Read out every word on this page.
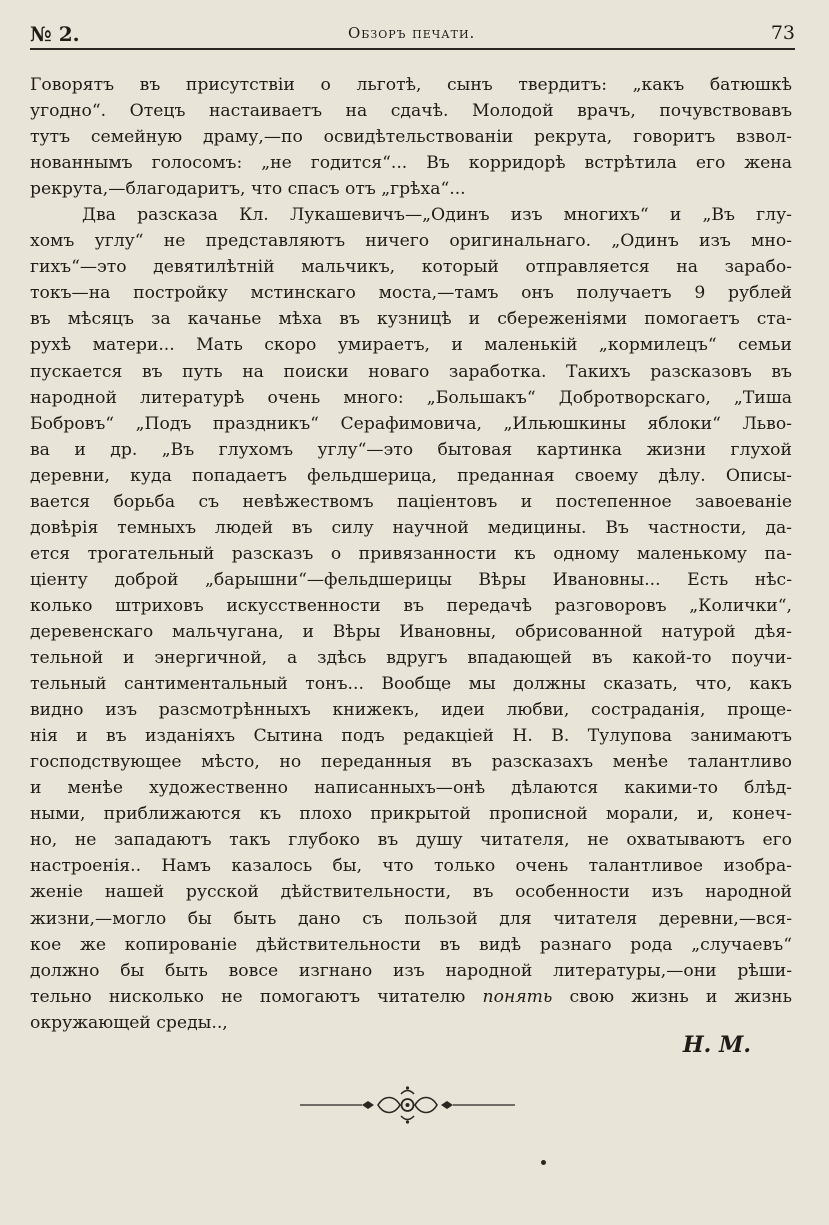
№ 2.	Обзоръ печати.	73
Говорятъ въ присутствiи о льготѣ, сынъ твердитъ: „какъ батюшкѣ
угодно“. Отецъ настаиваетъ на сдачѣ. Молодой врачъ, почувствовавъ
тутъ семейную драму,—по освидѣтельствованiи рекрута, говоритъ взвол-
нованнымъ голосомъ: „не годится“... Въ корридорѣ встрѣтила его жена
рекрута,—благодаритъ, что спасъ отъ „грѣха“...
Два разсказа Кл. Лукашевичъ—„Одинъ изъ многихъ“ и „Въ глу-
хомъ углу“ не представляютъ ничего оригинальнаго. „Одинъ изъ мно-
гихъ“—это девятилѣтнiй мальчикъ, который отправляется на зарабо-
токъ—на постройку мстинскаго моста,—тамъ онъ получаетъ 9 рублей
въ мѣсяцъ за качанье мѣха въ кузницѣ и сбереженiями помогаетъ ста-
рухѣ матери... Мать скоро умираетъ, и маленькiй „кормилецъ“ семьи
пускается въ путь на поиски новаго заработка. Такихъ разсказовъ въ
народной литературѣ очень много: „Большакъ“ Добротворскаго, „Тиша
Бобровъ“ „Подъ праздникъ“ Серафимовича, „Ильюшкины яблоки“ Льво-
ва и др. „Въ глухомъ углу“—это бытовая картинка жизни глухой
деревни, куда попадаетъ фельдшерица, преданная своему дѣлу. Описы-
вается борьба съ невѣжествомъ пацiентовъ и постепенное завоеванiе
довѣрiя темныхъ людей въ силу научной медицины. Въ частности, да-
ется трогательный разсказъ о привязанности къ одному маленькому па-
цiенту доброй „барышни“—фельдшерицы Вѣры Ивановны... Есть нѣс-
колько штриховъ искусственности въ передачѣ разговоровъ „Колички“,
деревенскаго мальчугана, и Вѣры Ивановны, обрисованной натурой дѣя-
тельной и энергичной, а здѣсь вдругъ впадающей въ какой-то поучи-
тельный сантиментальный тонъ... Вообще мы должны сказать, что, какъ
видно изъ разсмотрѣнныхъ книжекъ, идеи любви, состраданiя, проще-
нiя и въ изданiяхъ Сытина подъ редакцiей Н. В. Тулупова занимаютъ
господствующее мѣсто, но переданныя въ разсказахъ менѣе талантливо
и менѣе художественно написанныхъ—онѣ дѣлаются какими-то блѣд-
ными, приближаются къ плохо прикрытой прописной морали, и, конеч-
но, не западаютъ такъ глубоко въ душу читателя, не охватываютъ его
настроенiя.. Намъ казалось бы, что только очень талантливое изобра-
женiе нашей русской дѣйствительности, въ особенности изъ народной
жизни,—могло бы быть дано съ пользой для читателя деревни,—вся-
кое же копированiе дѣйствительности въ видѣ разнаго рода „случаевъ“
должно бы быть вовсе изгнано изъ народной литературы,—они рѣши-
тельно нисколько не помогаютъ читателю понять свою жизнь и жизнь
окружающей среды..,
Н. М.
